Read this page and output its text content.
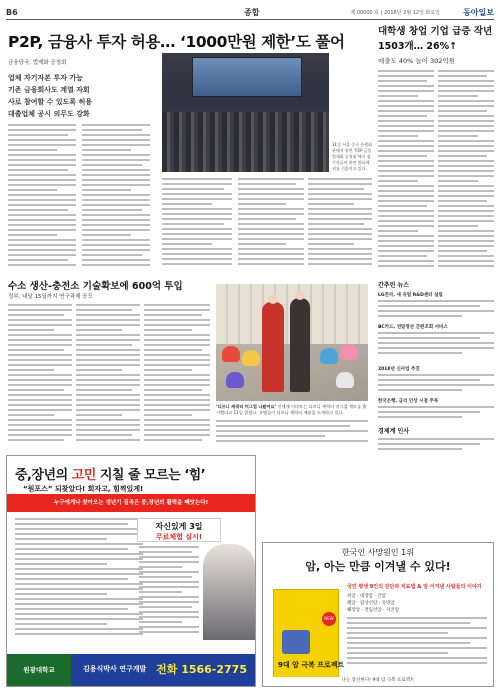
B6	종합	제 00000 호 | 2018년 2월 12일 화요일	동아일보
P2P, 금융사 투자 허용… ‘1000만원 제한’도 풀어
금융당국, 법제화 공청회
업체 자기자본 투자 가능
기존 금융회사도 계열 자회
사로 참여할 수 있도록 허용
대출업체 공시 의무도 강화
11일 서울 중구 은행회관에서 열린 ‘P2P 금융 법제화 공청회’에서 참가자들이 관련 발표에 귀를 기울이고 있다.
대학생 창업 기업 급증 작년 1503개… 26%↑
매출도 40% 늘어 302억원
수소 생산-충전소 기술확보에 600억 투입
정부, 내달 15일까지 연구과제 공모
‘디즈니 캐릭터 머그컵 나왔어요’ 신세계 이마트는 디즈니 캐릭터 머그컵 세트를 출시했다고 11일 밝혔다. 모델들이 디즈니 캐릭터 제품을 소개하고 있다.
간추린 뉴스
LG전자, 새 유럽 R&D센터 설립
BC카드, 연말정산 간편조회 서비스
2018년 신사업 추진
한국은행, 금리 인상 시점 주목
경제계 인사
중,장년의 고민 지칠 줄 모르는 ‘힘’
“원포스” 되찾았다! 회자고, 힘찍있게!
누구에게나 찾아오는 갱년기 질곡은 중,장년의 활력을 빼앗는다!
자신있게 3일
무료체험 실시!
원광대학교	김용식박사 연구개발 전화 1566-2775
한국인 사망원인 1위
암, 아는 만큼 이겨낼 수 있다!
NEW
9대 암 극복 프로젝트
국민 평생 9인의 진단과 치료법 & 암 이겨낸 사람들의 이야기
위암 · 대장암 · 간암
폐암 · 갑상선암 · 유방암
췌장암 · 전립선암 · 자궁암
나는 통신한다! 9대 암 극복 프로젝트
